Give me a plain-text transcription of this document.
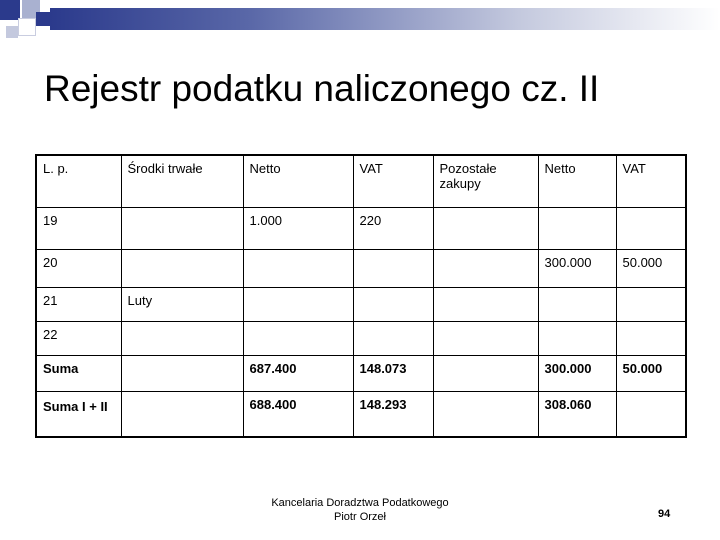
Rejestr podatku naliczonego cz. II
L. p.	Środki trwałe	Netto	VAT	Pozostałe zakupy	Netto	VAT
19		1.000	220			
20					300.000	50.000
21	Luty					
22						
Suma		687.400	148.073		300.000	50.000
Suma I + II		688.400	148.293		308.060	
Kancelaria Doradztwa Podatkowego
Piotr Orzeł	94
